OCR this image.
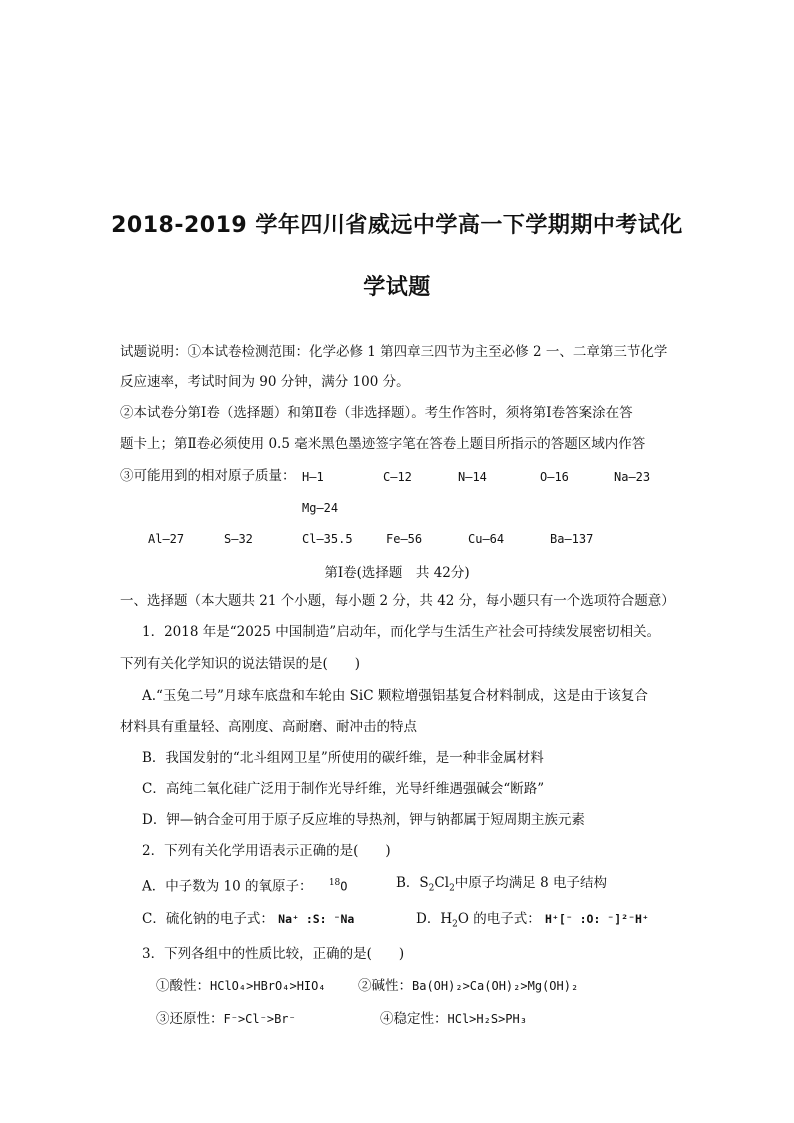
2018-2019 学年四川省威远中学高一下学期期中考试化
学试题
试题说明：①本试卷检测范围：化学必修 1 第四章三四节为主至必修 2 一、二章第三节化学
反应速率，考试时间为 90 分钟，满分 100 分。
②本试卷分第Ⅰ卷（选择题）和第Ⅱ卷（非选择题）。考生作答时，须将第Ⅰ卷答案涂在答
题卡上；第Ⅱ卷必须使用 0.5 毫米黑色墨迹签字笔在答卷上题目所指示的答题区域内作答
③可能用到的相对原子质量： H—1	C—12	N—14	O—16	Na—23
Mg—24
Al—27	S—32	Cl—35.5	Fe—56	Cu—64	Ba—137
第Ⅰ卷(选择题　共 42分)
一、选择题（本大题共 21 个小题，每小题 2 分，共 42 分，每小题只有一个选项符合题意）
1．2018 年是“2025 中国制造”启动年，而化学与生活生产社会可持续发展密切相关。
下列有关化学知识的说法错误的是(　　)
A.“玉兔二号”月球车底盘和车轮由 SiC 颗粒增强铝基复合材料制成，这是由于该复合
材料具有重量轻、高刚度、高耐磨、耐冲击的特点
B．我国发射的“北斗组网卫星”所使用的碳纤维，是一种非金属材料
C．高纯二氧化硅广泛用于制作光导纤维，光导纤维遇强碱会“断路”
D．钾—钠合金可用于原子反应堆的导热剂，钾与钠都属于短周期主族元素
2．下列有关化学用语表示正确的是(　　)
A．中子数为 10 的氧原子： $^{18}$O	B．$S_2Cl_2$中原子均满足 8 电子结构
C．硫化钠的电子式： Na⁺ :S: ⁻Na	D．$H_2O$ 的电子式： H⁺[⁻ :O: ⁻]²⁻H⁺
3．下列各组中的性质比较，正确的是(　　)
①酸性：HClO₄>HBrO₄>HIO₄ ②碱性：Ba(OH)₂>Ca(OH)₂>Mg(OH)₂
③还原性：F⁻>Cl⁻>Br⁻	④稳定性：HCl>H₂S>PH₃
